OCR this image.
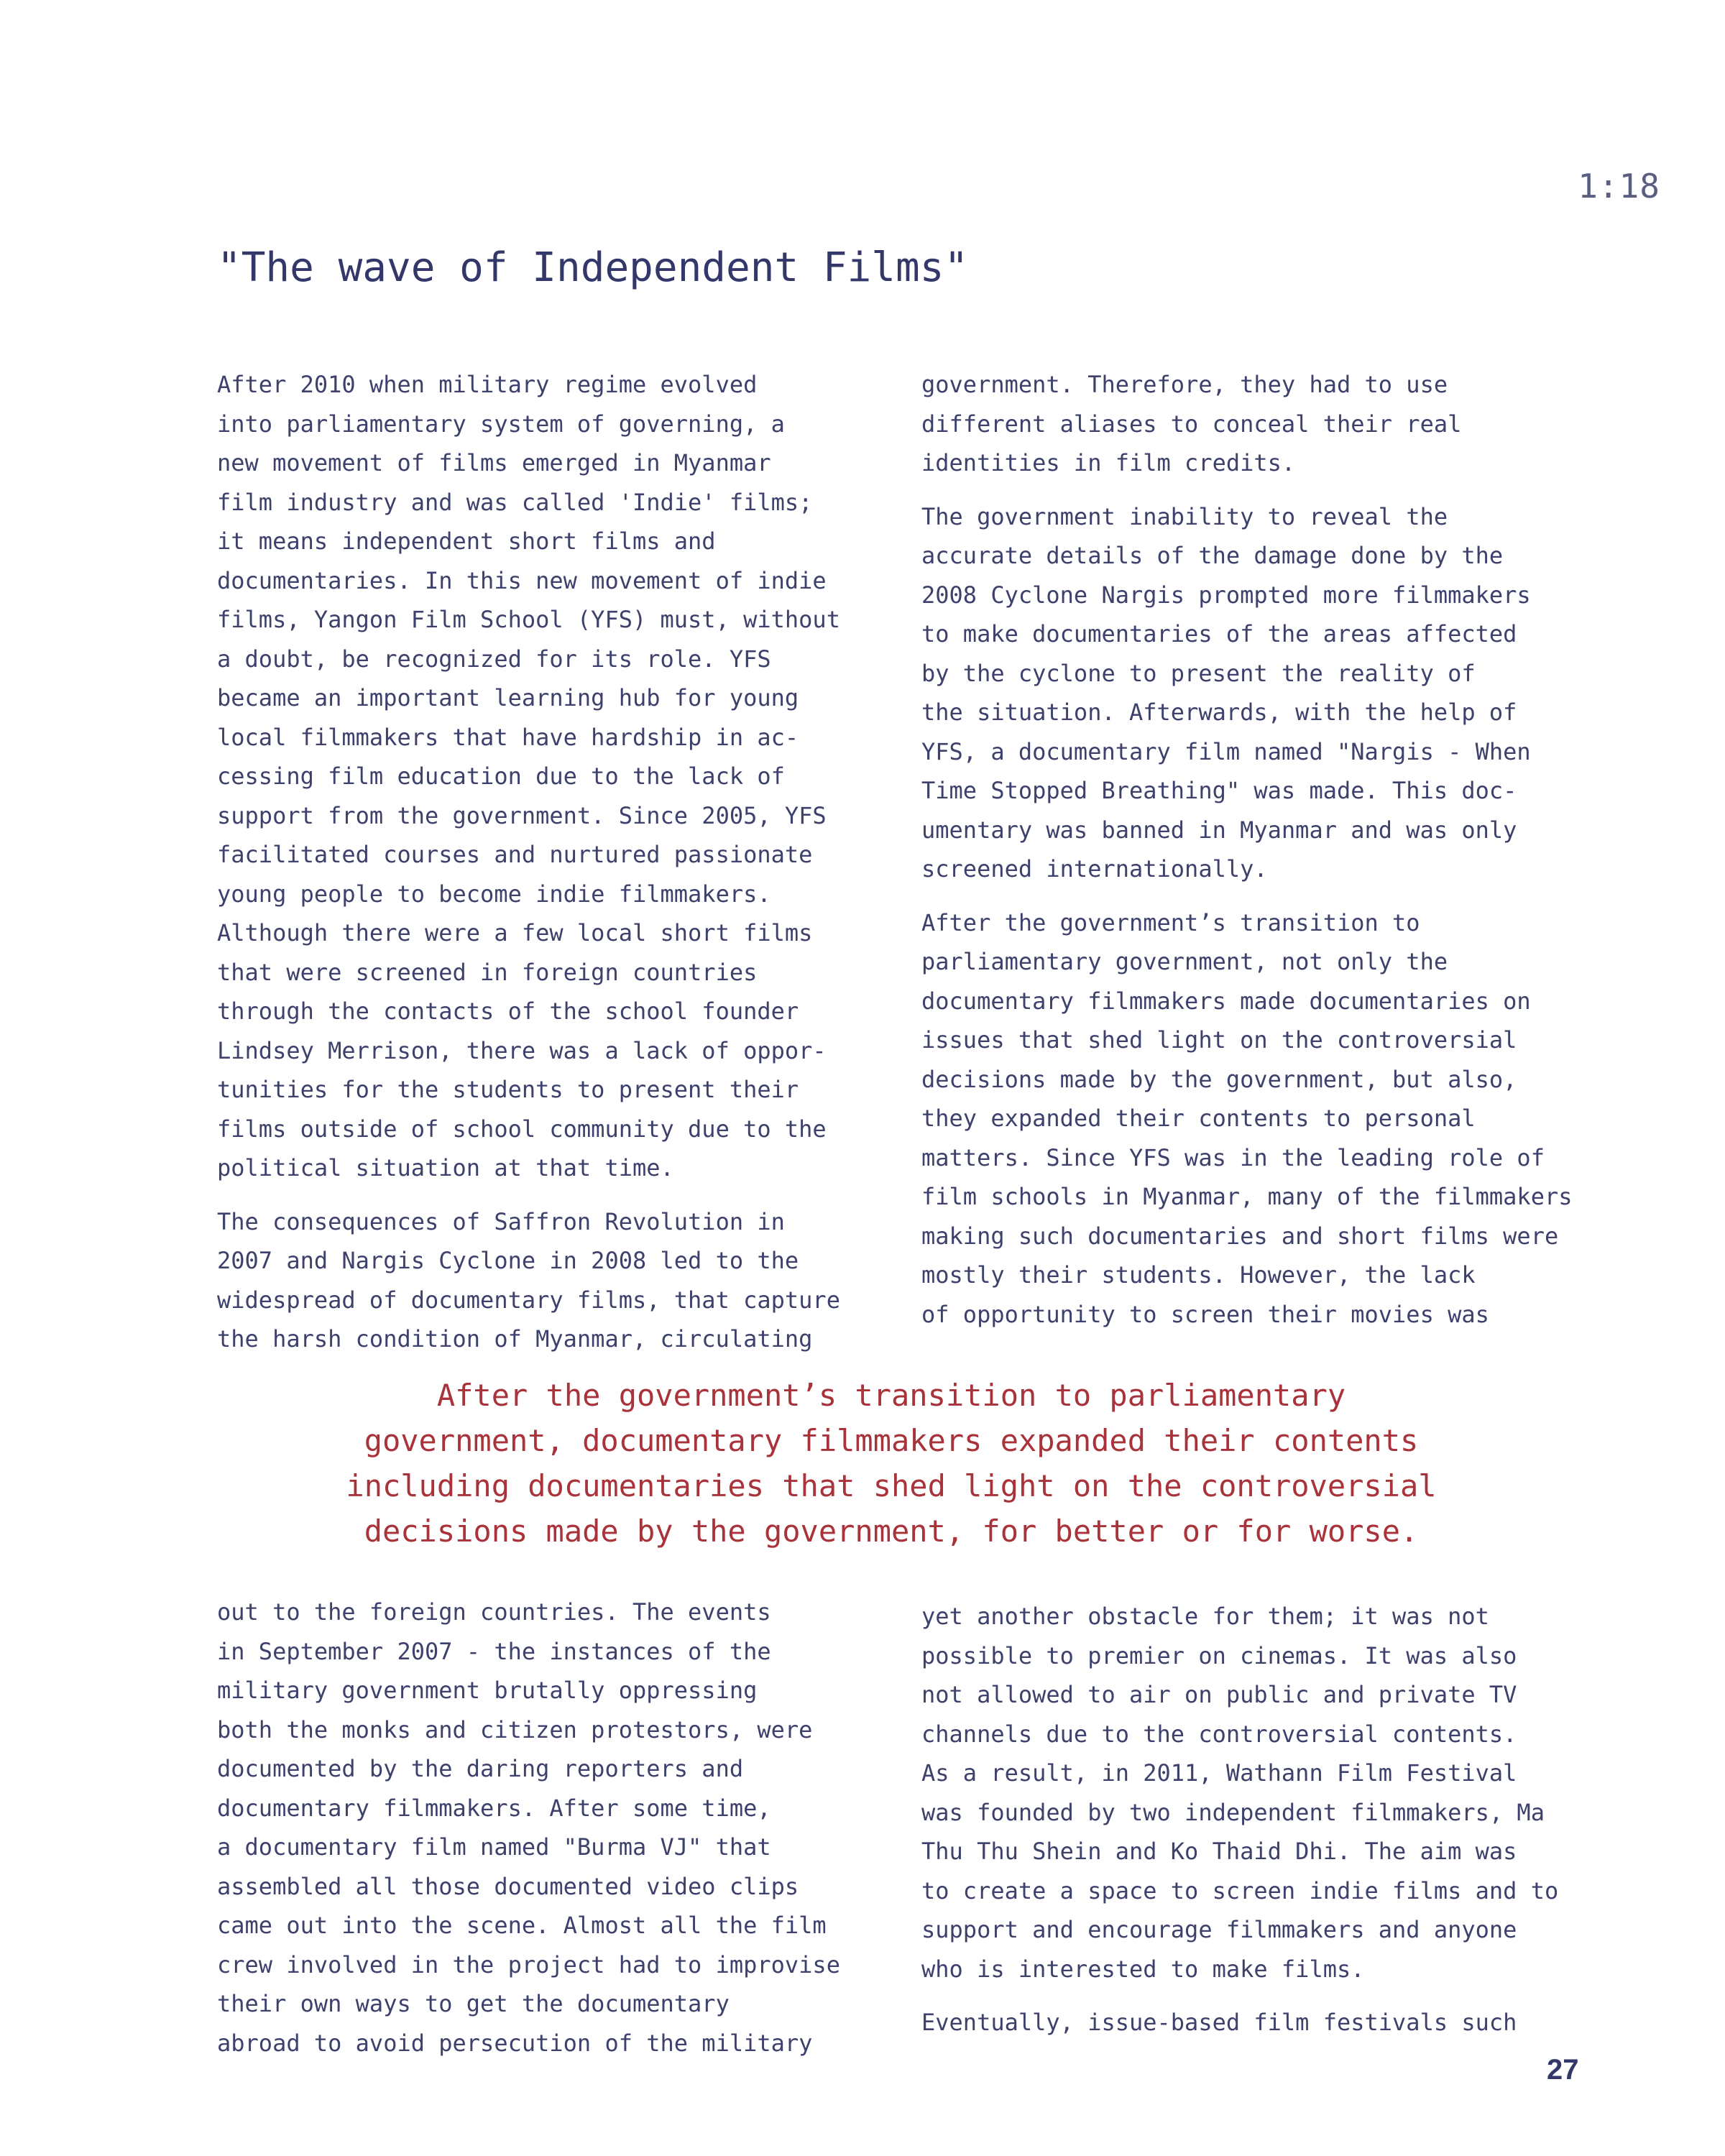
1:18
"The wave of Independent Films"

After 2010 when military regime evolved
into parliamentary system of governing, a
new movement of films emerged in Myanmar
film industry and was called 'Indie' films;
it means independent short films and
documentaries. In this new movement of indie
films, Yangon Film School (YFS) must, without
a doubt, be recognized for its role. YFS
became an important learning hub for young
local filmmakers that have hardship in ac-
cessing film education due to the lack of
support from the government. Since 2005, YFS
facilitated courses and nurtured passionate
young people to become indie filmmakers.
Although there were a few local short films
that were screened in foreign countries
through the contacts of the school founder
Lindsey Merrison, there was a lack of oppor-
tunities for the students to present their
films outside of school community due to the
political situation at that time.

The consequences of Saffron Revolution in
2007 and Nargis Cyclone in 2008 led to the
widespread of documentary films, that capture
the harsh condition of Myanmar, circulating

government. Therefore, they had to use
different aliases to conceal their real
identities in film credits.

The government inability to reveal the
accurate details of the damage done by the
2008 Cyclone Nargis prompted more filmmakers
to make documentaries of the areas affected
by the cyclone to present the reality of
the situation. Afterwards, with the help of
YFS, a documentary film named "Nargis - When
Time Stopped Breathing" was made. This doc-
umentary was banned in Myanmar and was only
screened internationally.

After the government’s transition to
parliamentary government, not only the
documentary filmmakers made documentaries on
issues that shed light on the controversial
decisions made by the government, but also,
they expanded their contents to personal
matters. Since YFS was in the leading role of
film schools in Myanmar, many of the filmmakers
making such documentaries and short films were
mostly their students. However, the lack
of opportunity to screen their movies was

After the government’s transition to parliamentary
government, documentary filmmakers expanded their contents
including documentaries that shed light on the controversial
decisions made by the government, for better or for worse.

out to the foreign countries. The events
in September 2007 - the instances of the
military government brutally oppressing
both the monks and citizen protestors, were
documented by the daring reporters and
documentary filmmakers. After some time,
a documentary film named "Burma VJ" that
assembled all those documented video clips
came out into the scene. Almost all the film
crew involved in the project had to improvise
their own ways to get the documentary
abroad to avoid persecution of the military

yet another obstacle for them; it was not
possible to premier on cinemas. It was also
not allowed to air on public and private TV
channels due to the controversial contents.
As a result, in 2011, Wathann Film Festival
was founded by two independent filmmakers, Ma
Thu Thu Shein and Ko Thaid Dhi. The aim was
to create a space to screen indie films and to
support and encourage filmmakers and anyone
who is interested to make films.

Eventually, issue-based film festivals such

27
